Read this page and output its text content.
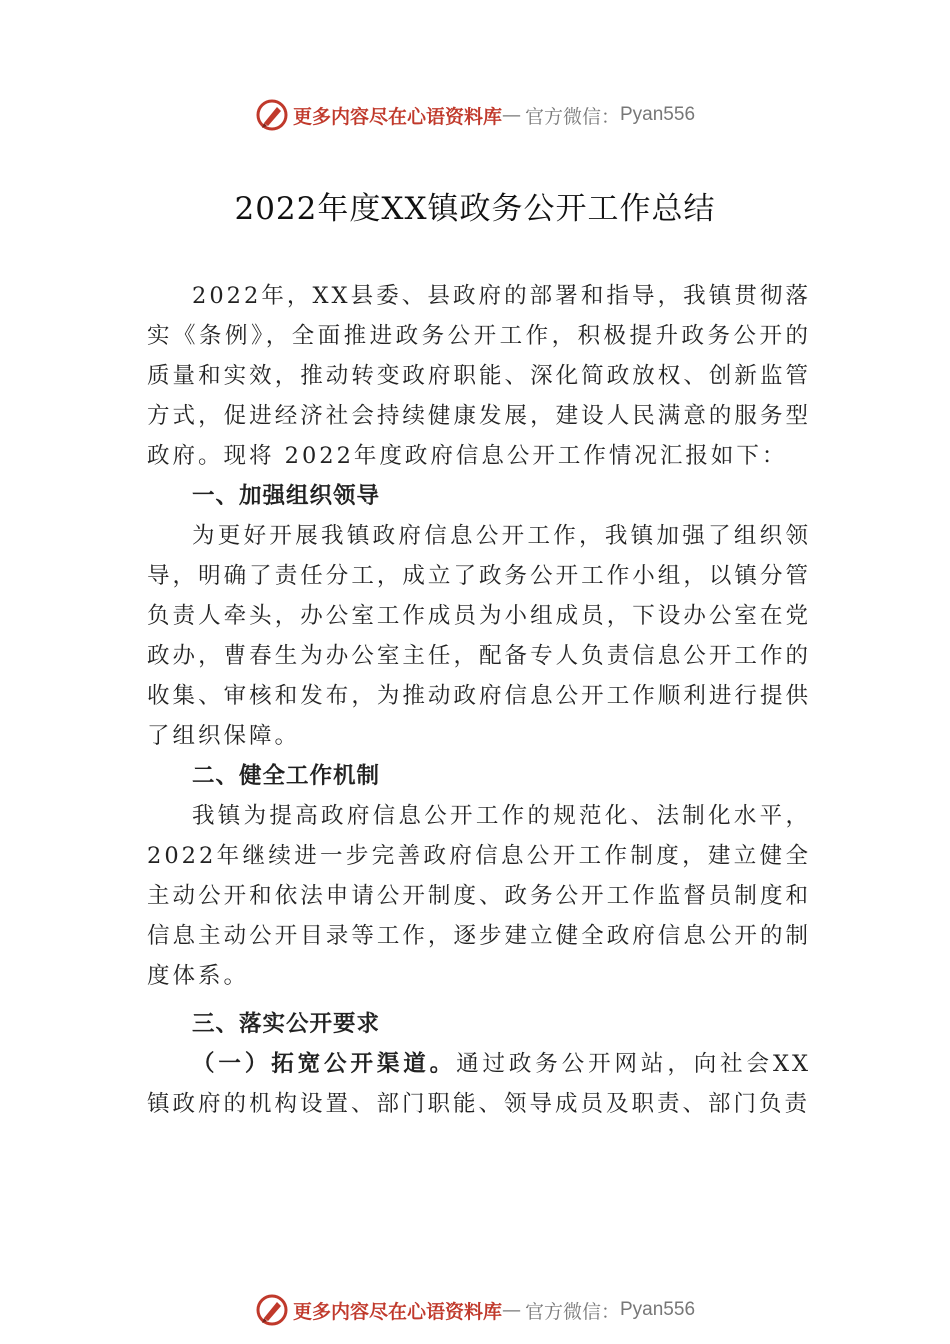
更多内容尽在心语资料库 — 官方微信： Pyan556
2022年度XX镇政务公开工作总结

2022年，XX县委、县政府的部署和指导，我镇贯彻落实《条例》，全面推进政务公开工作，积极提升政务公开的质量和实效，推动转变政府职能、深化简政放权、创新监管方式，促进经济社会持续健康发展，建设人民满意的服务型政府。现将 2022年度政府信息公开工作情况汇报如下：

一、加强组织领导

为更好开展我镇政府信息公开工作，我镇加强了组织领导，明确了责任分工，成立了政务公开工作小组，以镇分管负责人牵头，办公室工作成员为小组成员，下设办公室在党政办，曹春生为办公室主任，配备专人负责信息公开工作的收集、审核和发布，为推动政府信息公开工作顺利进行提供了组织保障。

二、健全工作机制

我镇为提高政府信息公开工作的规范化、法制化水平，2022年继续进一步完善政府信息公开工作制度，建立健全主动公开和依法申请公开制度、政务公开工作监督员制度和信息主动公开目录等工作，逐步建立健全政府信息公开的制度体系。

三、落实公开要求

（一）拓宽公开渠道。通过政务公开网站，向社会XX镇政府的机构设置、部门职能、领导成员及职责、部门负责

更多内容尽在心语资料库 — 官方微信： Pyan556
